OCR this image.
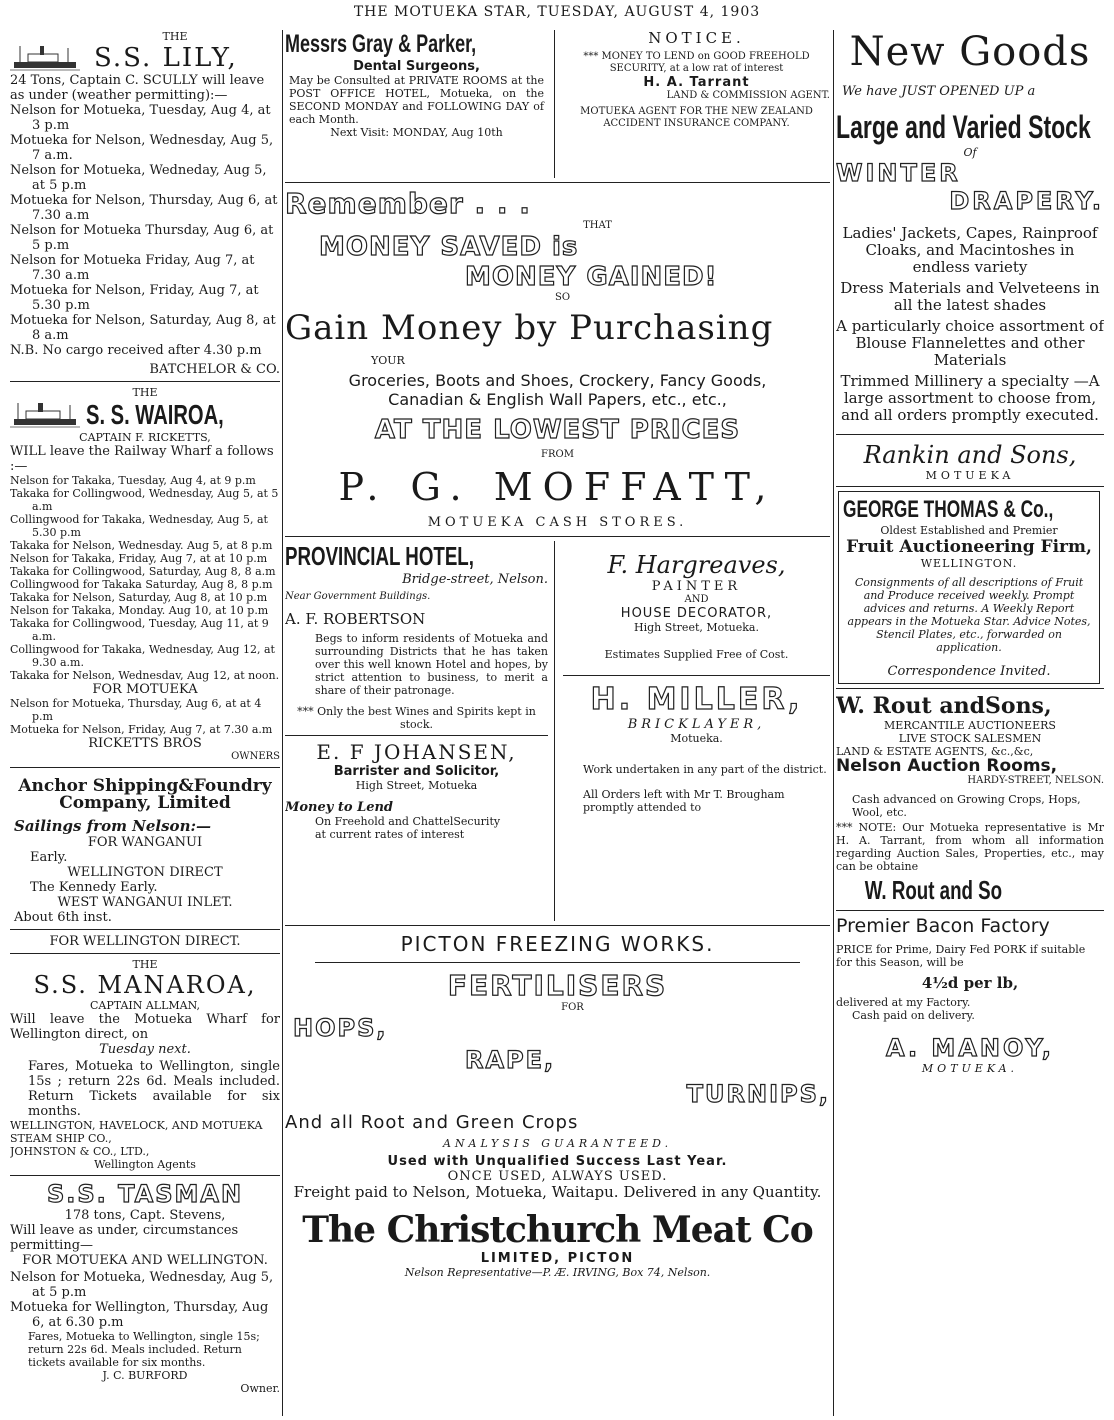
THE MOTUEKA STAR, TUESDAY, AUGUST 4, 1903
THE
S.S. LILY,
24 Tons, Captain C. SCULLY will leave as under (weather permitting):—
Nelson for Motueka, Tuesday, Aug 4, at 3 p.m
Motueka for Nelson, Wednesday, Aug 5, 7 a.m.
Nelson for Motueka, Wedneday, Aug 5, at 5 p.m
Motueka for Nelson, Thursday, Aug 6, at 7.30 a.m
Nelson for Motueka Thursday, Aug 6, at 5 p.m
Nelson for Motueka Friday, Aug 7, at 7.30 a.m
Motueka for Nelson, Friday, Aug 7, at 5.30 p.m
Motueka for Nelson, Saturday, Aug 8, at 8 a.m
N.B. No cargo received after 4.30 p.m
BATCHELOR & CO.
THE
S. S. WAIROA,
CAPTAIN F. RICKETTS,
WILL leave the Railway Wharf a follows :—
Nelson for Takaka, Tuesday, Aug 4, at 9 p.m
Takaka for Collingwood, Wednesday, Aug 5, at 5 a.m
Collingwood for Takaka, Wednesday, Aug 5, at 5.30 p.m
Takaka for Nelson, Wednesday. Aug 5, at 8 p.m
Nelson for Takaka, Friday, Aug 7, at at 10 p.m
Takaka for Collingwood, Saturday, Aug 8, 8 a.m
Collingwood for Takaka Saturday, Aug 8, 8 p.m
Takaka for Nelson, Saturday, Aug 8, at 10 p.m
Nelson for Takaka, Monday. Aug 10, at 10 p.m
Takaka for Collingwood, Tuesday, Aug 11, at 9 a.m.
Collingwood for Takaka, Wednesday, Aug 12, at 9.30 a.m.
Takaka for Nelson, Wednesdav, Aug 12, at noon.
FOR MOTUEKA
Nelson for Motueka, Thursday, Aug 6, at at 4 p.m
Motueka for Nelson, Friday, Aug 7, at 7.30 a.m
RICKETTS BROS
OWNERS
Anchor Shipping&Foundry
Company, Limited
Sailings from Nelson:—
FOR WANGANUI
Early.
WELLINGTON DIRECT
The Kennedy Early.
WEST WANGANUI INLET.
About 6th inst.
FOR WELLINGTON DIRECT.
THE
S.S. MANAROA,
CAPTAIN ALLMAN,
Will leave the Motueka Wharf for Wellington direct, on
Tuesday next.
Fares, Motueka to Wellington, single 15s ; return 22s 6d. Meals included. Return Tickets available for six months.
WELLINGTON, HAVELOCK, AND MOTUEKA STEAM SHIP CO.,
JOHNSTON & CO., LTD.,
Wellington Agents
S.S. TASMAN
178 tons, Capt. Stevens,
Will leave as under, circumstances permitting—
FOR MOTUEKA AND WELLINGTON.
Nelson for Motueka, Wednesday, Aug 5, at 5 p.m
Motueka for Wellington, Thursday, Aug 6, at 6.30 p.m
Fares, Motueka to Wellington, single 15s; return 22s 6d. Meals included. Return tickets available for six months.
J. C. BURFORD
Owner.
Messrs Gray & Parker,
Dental Surgeons,
May be Consulted at PRIVATE ROOMS at the POST OFFICE HOTEL, Motueka, on the SECOND MONDAY and FOLLOWING DAY of each Month.
Next Visit: MONDAY, Aug 10th
NOTICE.
*** MONEY TO LEND on GOOD FREEHOLD SECURITY, at a low rat of interest
H. A. Tarrant
LAND & COMMISSION AGENT.
MOTUEKA AGENT FOR THE NEW ZEALAND ACCIDENT INSURANCE COMPANY.
Remember . . .
THAT
MONEY SAVED is
MONEY GAINED!
SO
Gain Money by Purchasing
YOUR
Groceries, Boots and Shoes, Crockery, Fancy Goods,
Canadian & English Wall Papers, etc., etc.,
AT THE LOWEST PRICES
FROM
P. G. MOFFATT,
MOTUEKA CASH STORES.
PROVINCIAL HOTEL,
Bridge-street, Nelson.
Near Government Buildings.
A. F. ROBERTSON
Begs to inform residents of Motueka and surrounding Districts that he has taken over this well known Hotel and hopes, by strict attention to business, to merit a share of their patronage.
*** Only the best Wines and Spirits kept in stock.
E. F JOHANSEN,
Barrister and Solicitor,
High Street, Motueka
Money to Lend
On Freehold and ChattelSecurity
at current rates of interest
F. Hargreaves,
PAINTER
AND
HOUSE DECORATOR,
High Street, Motueka.
Estimates Supplied Free of Cost.
H. MILLER,
BRICKLAYER,
Motueka.
Work undertaken in any part of the district.
All Orders left with Mr T. Brougham promptly attended to
PICTON FREEZING WORKS.
FERTILISERS
FOR
HOPS,
RAPE,
TURNIPS,
And all Root and Green Crops
ANALYSIS GUARANTEED.
Used with Unqualified Success Last Year.
ONCE USED, ALWAYS USED.
Freight paid to Nelson, Motueka, Waitapu. Delivered in any Quantity.
The Christchurch Meat Co
LIMITED, PICTON
Nelson Representative—P. Æ. IRVING, Box 74, Nelson.
New Goods
We have JUST OPENED UP a
Large and Varied Stock
Of
WINTER
DRAPERY.
Ladies' Jackets, Capes, Rainproof Cloaks, and Macintoshes in endless variety
Dress Materials and Velveteens in all the latest shades
A particularly choice assortment of Blouse Flannelettes and other Materials
Trimmed Millinery a specialty —A large assortment to choose from, and all orders promptly executed.
Rankin and Sons,
MOTUEKA
GEORGE THOMAS & Co.,
Oldest Established and Premier
Fruit Auctioneering Firm,
WELLINGTON.
Consignments of all descriptions of Fruit and Produce received weekly. Prompt advices and returns. A Weekly Report appears in the Motueka Star. Advice Notes, Stencil Plates, etc., forwarded on application.
Correspondence Invited.
W. Rout andSons,
MERCANTILE AUCTIONEERS
LIVE STOCK SALESMEN
LAND & ESTATE AGENTS, &c.,&c,
Nelson Auction Rooms,
HARDY-STREET, NELSON.
Cash advanced on Growing Crops, Hops, Wool, etc.
*** NOTE: Our Motueka representative is Mr H. A. Tarrant, from whom all information regarding Auction Sales, Properties, etc., may can be obtaine
W. Rout and So
Premier Bacon Factory
PRICE for Prime, Dairy Fed PORK if suitable for this Season, will be
4½d per lb,
delivered at my Factory.
Cash paid on delivery.
A. MANOY,
MOTUEKA.
